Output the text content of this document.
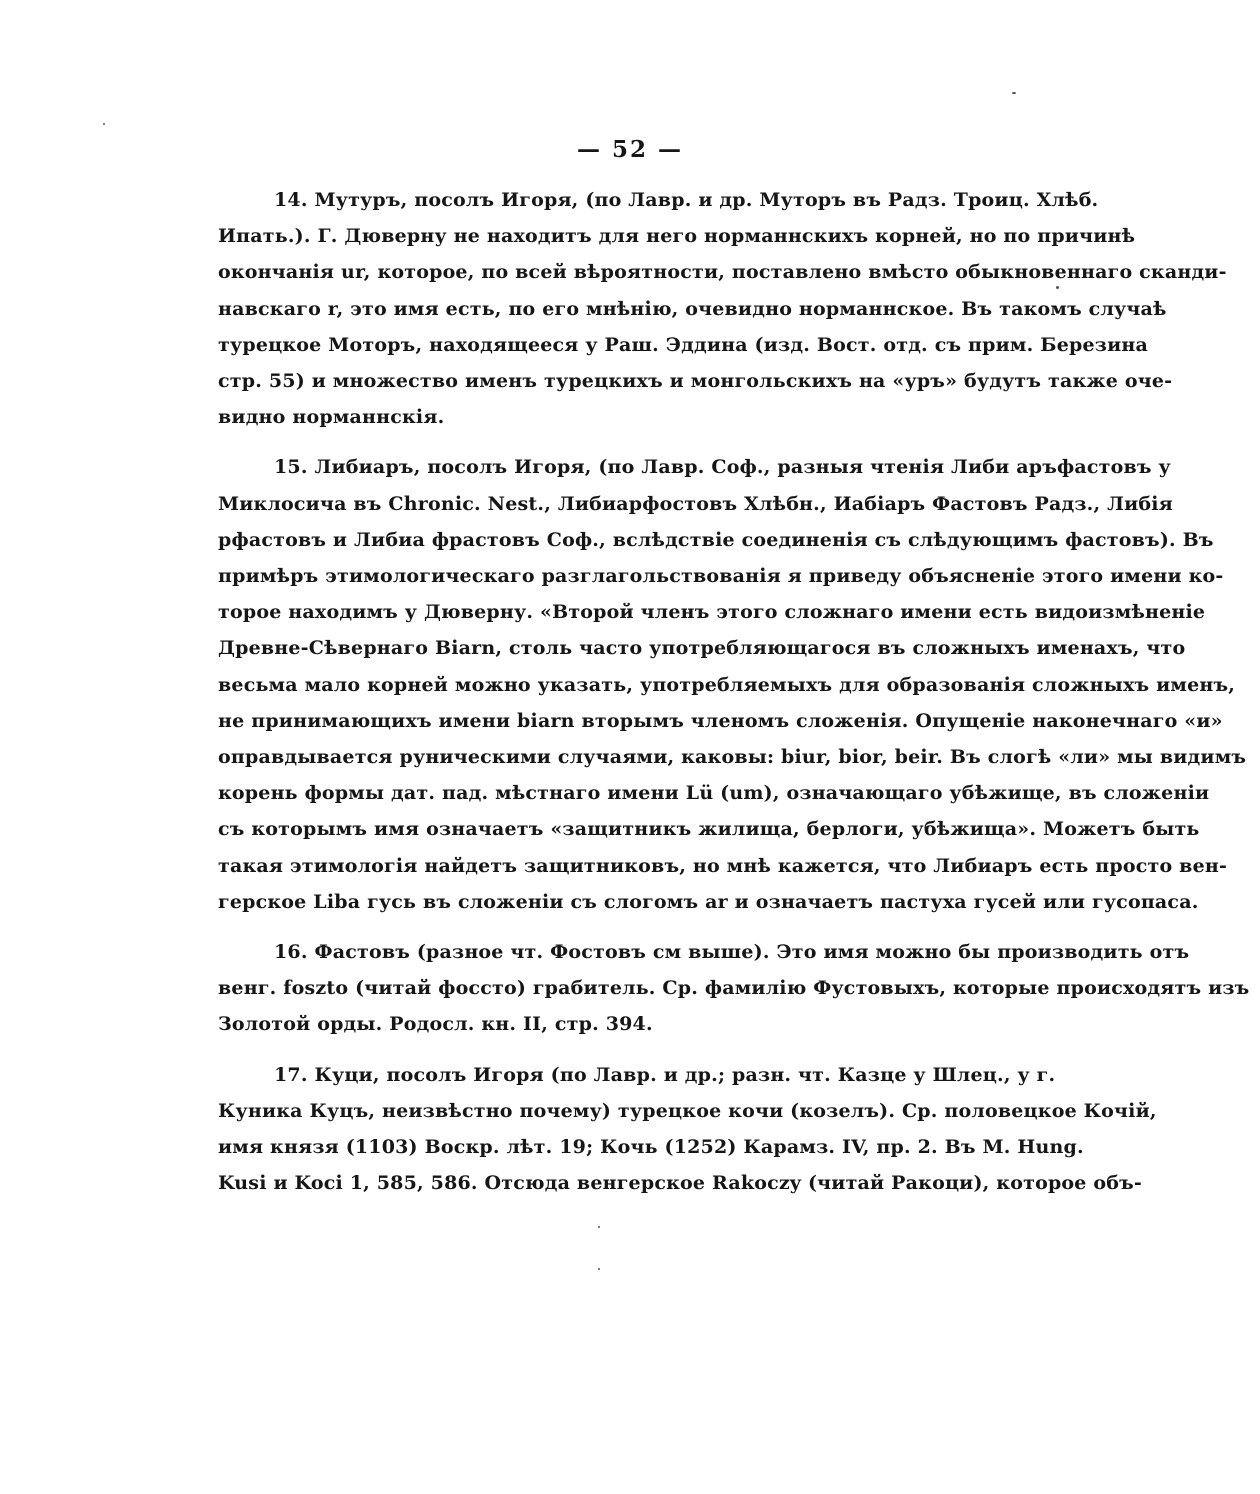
— 52 —

14. Мутуръ, посолъ Игоря, (по Лавр. и др. Муторъ въ Радз. Троиц. Хлѣб.
Ипать.). Г. Дюверну не находитъ для него норманнскихъ корней, но по причинѣ
окончанія ur, которое, по всей вѣроятности, поставлено вмѣсто обыкновеннаго сканди-
навскаго r, это имя есть, по его мнѣнію, очевидно норманнское. Въ такомъ случаѣ
турецкое Моторъ, находящееся у Раш. Эддина (изд. Вост. отд. съ прим. Березина
стр. 55) и множество именъ турецкихъ и монгольскихъ на «уръ» будутъ также оче-
видно норманнскія.

15. Либиаръ, посолъ Игоря, (по Лавр. Соф., разныя чтенія Либи аръфастовъ у
Миклосича въ Chronic. Nest., Либиарфостовъ Хлѣбн., Иабіаръ Фастовъ Радз., Либія
рфастовъ и Либиа фрастовъ Соф., вслѣдствіе соединенія съ слѣдующимъ фастовъ). Въ
примѣръ этимологическаго разглагольствованія я приведу объясненіе этого имени ко-
торое находимъ у Дюверну. «Второй членъ этого сложнаго имени есть видоизмѣненіе
Древне-Сѣвернаго Biarn, столь часто употребляющагося въ сложныхъ именахъ, что
весьма мало корней можно указать, употребляемыхъ для образованія сложныхъ именъ,
не принимающихъ имени biarn вторымъ членомъ сложенія. Опущеніе наконечнаго «и»
оправдывается руническими случаями, каковы: biur, bior, beir. Въ слогѣ «ли» мы видимъ
корень формы дат. пад. мѣстнаго имени Lü (um), означающаго убѣжище, въ сложеніи
съ которымъ имя означаетъ «защитникъ жилища, берлоги, убѣжища». Можетъ быть
такая этимологія найдетъ защитниковъ, но мнѣ кажется, что Либиаръ есть просто вен-
герское Liba гусь въ сложеніи съ слогомъ ar и означаетъ пастуха гусей или гусопаса.

16. Фастовъ (разное чт. Фостовъ см выше). Это имя можно бы производить отъ
венг. foszto (читай фоссто) грабитель. Ср. фамилію Фустовыхъ, которые происходятъ изъ
Золотой орды. Родосл. кн. II, стр. 394.

17. Куци, посолъ Игоря (по Лавр. и др.; разн. чт. Казце у Шлец., у г.
Куника Куцъ, неизвѣстно почему) турецкое кочи (козелъ). Ср. половецкое Кочій,
имя князя (1103) Воскр. лѣт. 19; Кочь (1252) Карамз. IV, пр. 2. Въ М. Hung.
Kusi и Kocі 1, 585, 586. Отсюда венгерское Rakoczy (читай Ракоци), которое объ-
